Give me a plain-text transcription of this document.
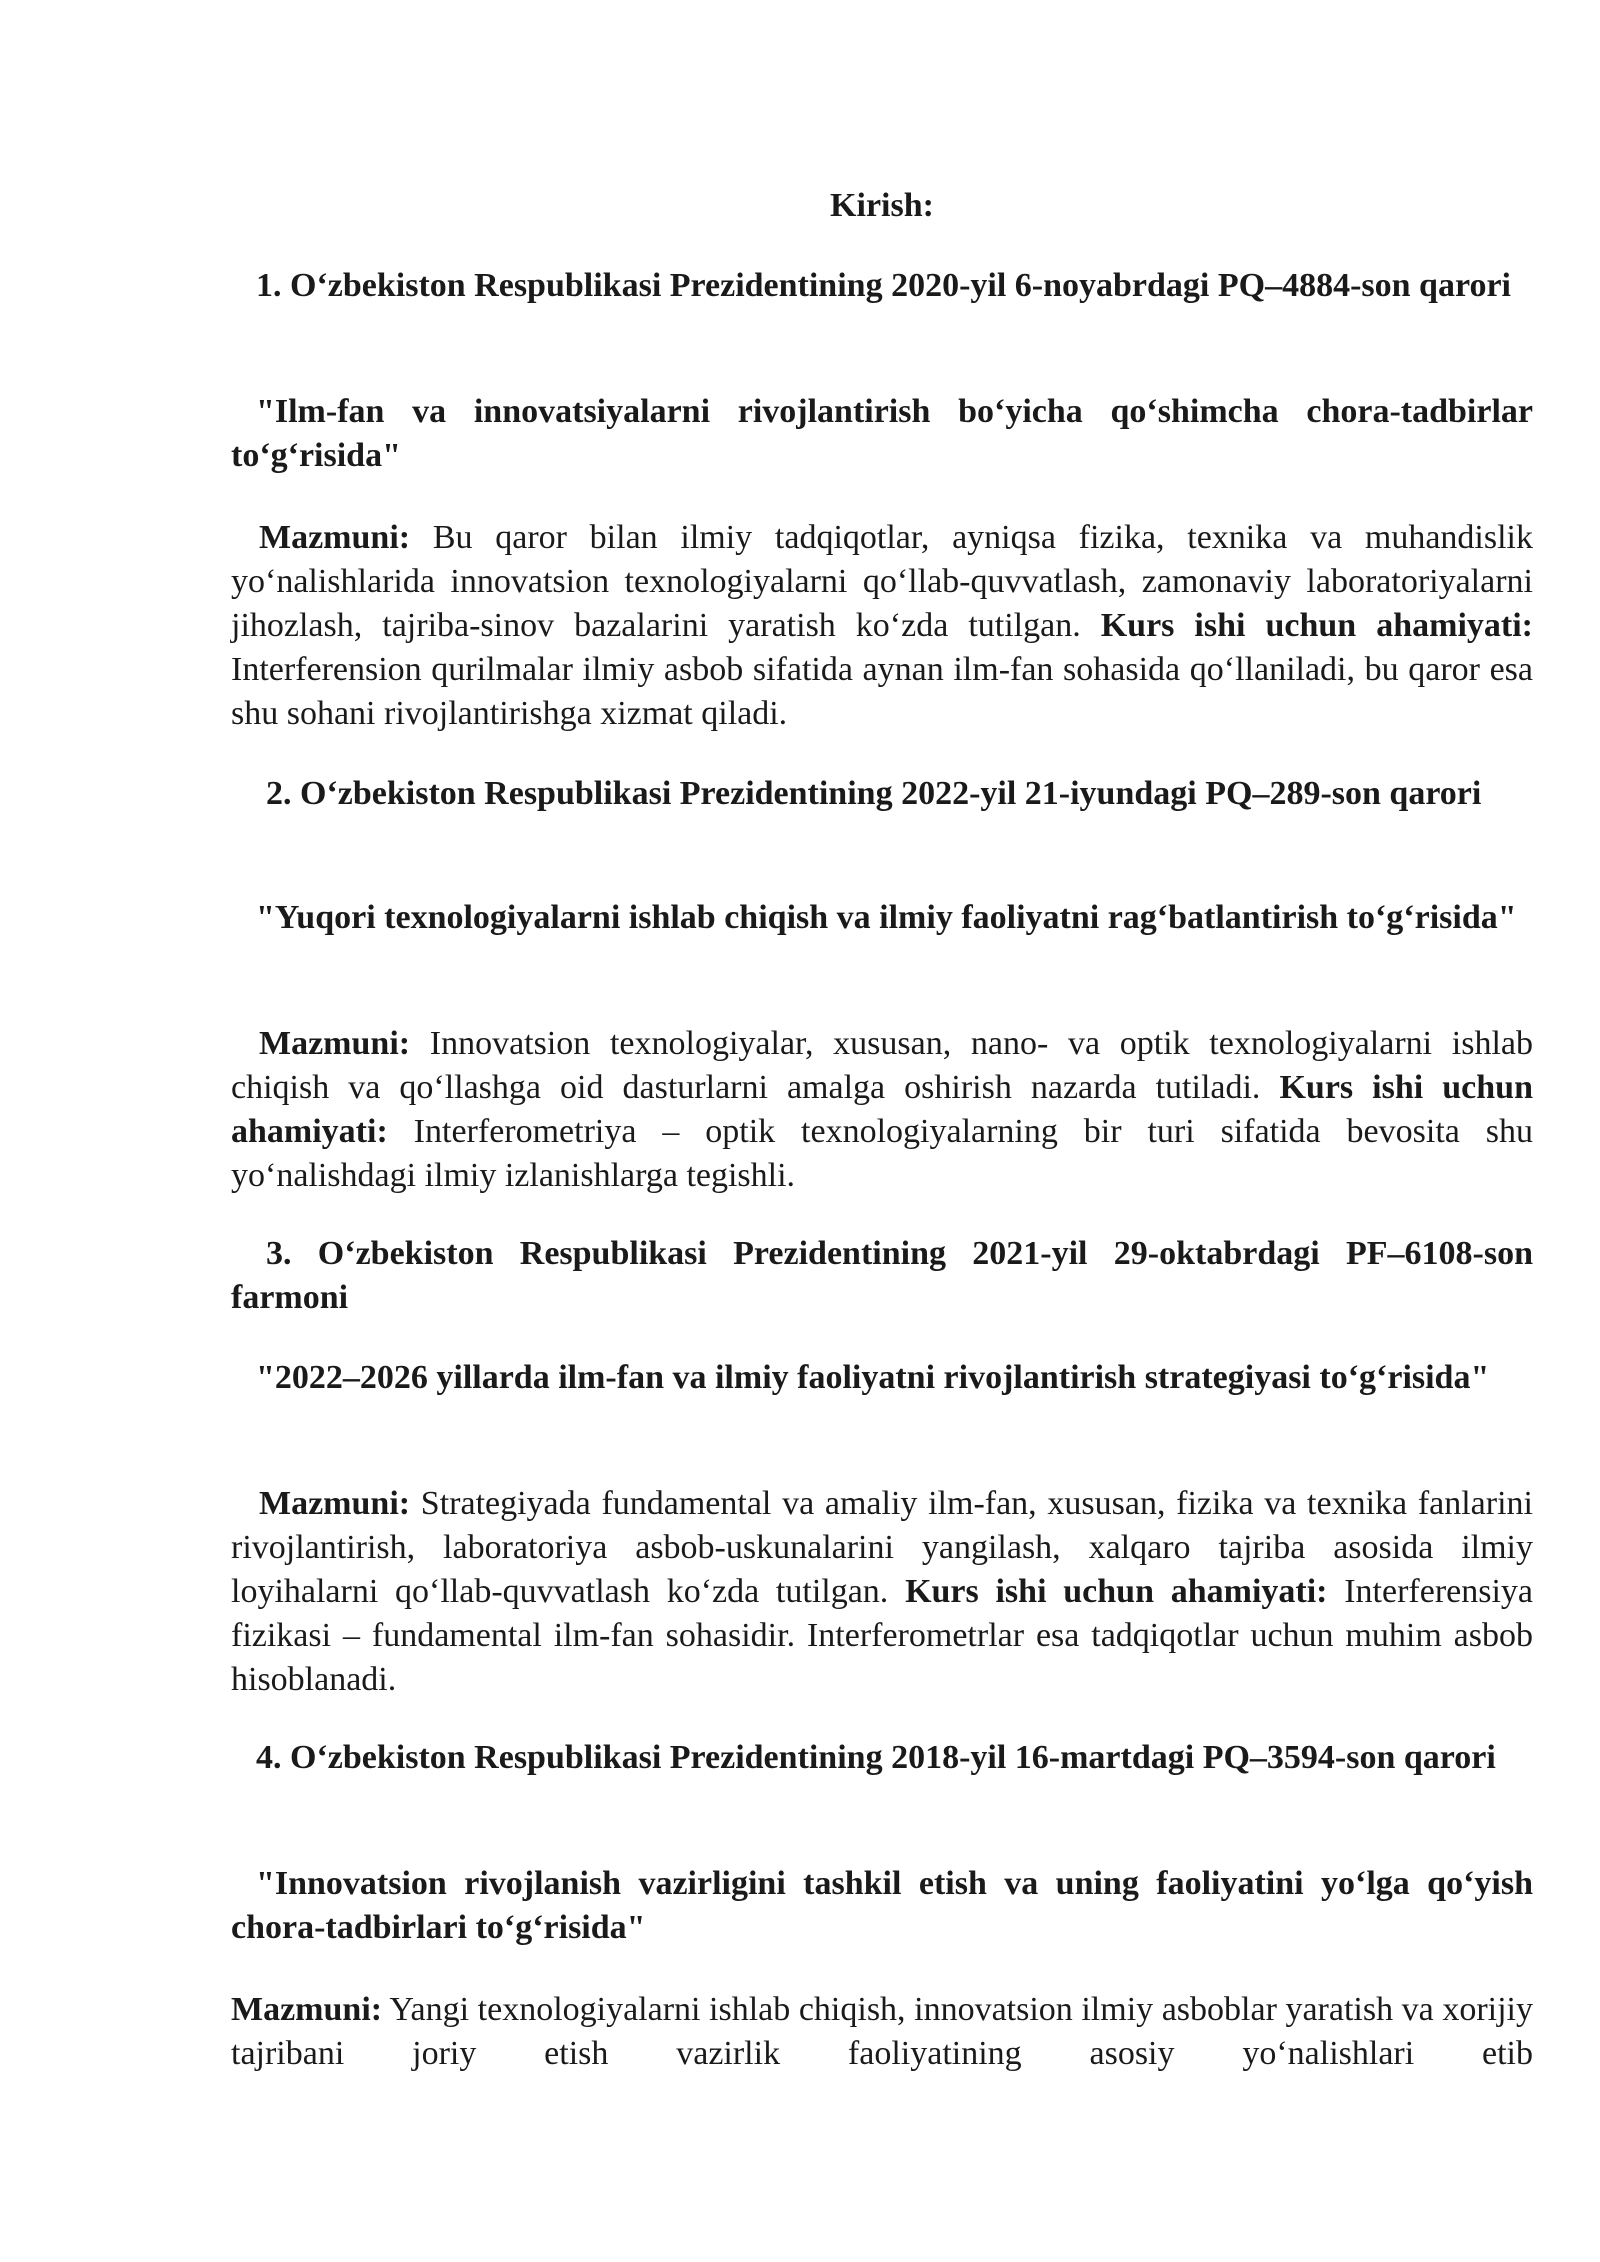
Kirish:

1. O‘zbekiston Respublikasi Prezidentining 2020-yil 6-noyabrdagi PQ–4884-son qarori

"Ilm-fan va innovatsiyalarni rivojlantirish bo‘yicha qo‘shimcha chora-tadbirlar to‘g‘risida"

Mazmuni: Bu qaror bilan ilmiy tadqiqotlar, ayniqsa fizika, texnika va muhandislik yo‘nalishlarida innovatsion texnologiyalarni qo‘llab-quvvatlash, zamonaviy laboratoriyalarni jihozlash, tajriba-sinov bazalarini yaratish ko‘zda tutilgan. Kurs ishi uchun ahamiyati: Interferension qurilmalar ilmiy asbob sifatida aynan ilm-fan sohasida qo‘llaniladi, bu qaror esa shu sohani rivojlantirishga xizmat qiladi.

2. O‘zbekiston Respublikasi Prezidentining 2022-yil 21-iyundagi PQ–289-son qarori

"Yuqori texnologiyalarni ishlab chiqish va ilmiy faoliyatni rag‘batlantirish to‘g‘risida"

Mazmuni: Innovatsion texnologiyalar, xususan, nano- va optik texnologiyalarni ishlab chiqish va qo‘llashga oid dasturlarni amalga oshirish nazarda tutiladi. Kurs ishi uchun ahamiyati: Interferometriya – optik texnologiyalarning bir turi sifatida bevosita shu yo‘nalishdagi ilmiy izlanishlarga tegishli.

3. O‘zbekiston Respublikasi Prezidentining 2021-yil 29-oktabrdagi PF–6108-son farmoni

"2022–2026 yillarda ilm-fan va ilmiy faoliyatni rivojlantirish strategiyasi to‘g‘risida"

Mazmuni: Strategiyada fundamental va amaliy ilm-fan, xususan, fizika va texnika fanlarini rivojlantirish, laboratoriya asbob-uskunalarini yangilash, xalqaro tajriba asosida ilmiy loyihalarni qo‘llab-quvvatlash ko‘zda tutilgan. Kurs ishi uchun ahamiyati: Interferensiya fizikasi – fundamental ilm-fan sohasidir. Interferometrlar esa tadqiqotlar uchun muhim asbob hisoblanadi.

4. O‘zbekiston Respublikasi Prezidentining 2018-yil 16-martdagi PQ–3594-son qarori

"Innovatsion rivojlanish vazirligini tashkil etish va uning faoliyatini yo‘lga qo‘yish chora-tadbirlari to‘g‘risida"

Mazmuni: Yangi texnologiyalarni ishlab chiqish, innovatsion ilmiy asboblar yaratish va xorijiy tajribani joriy etish vazirlik faoliyatining asosiy yo‘nalishlari etib
